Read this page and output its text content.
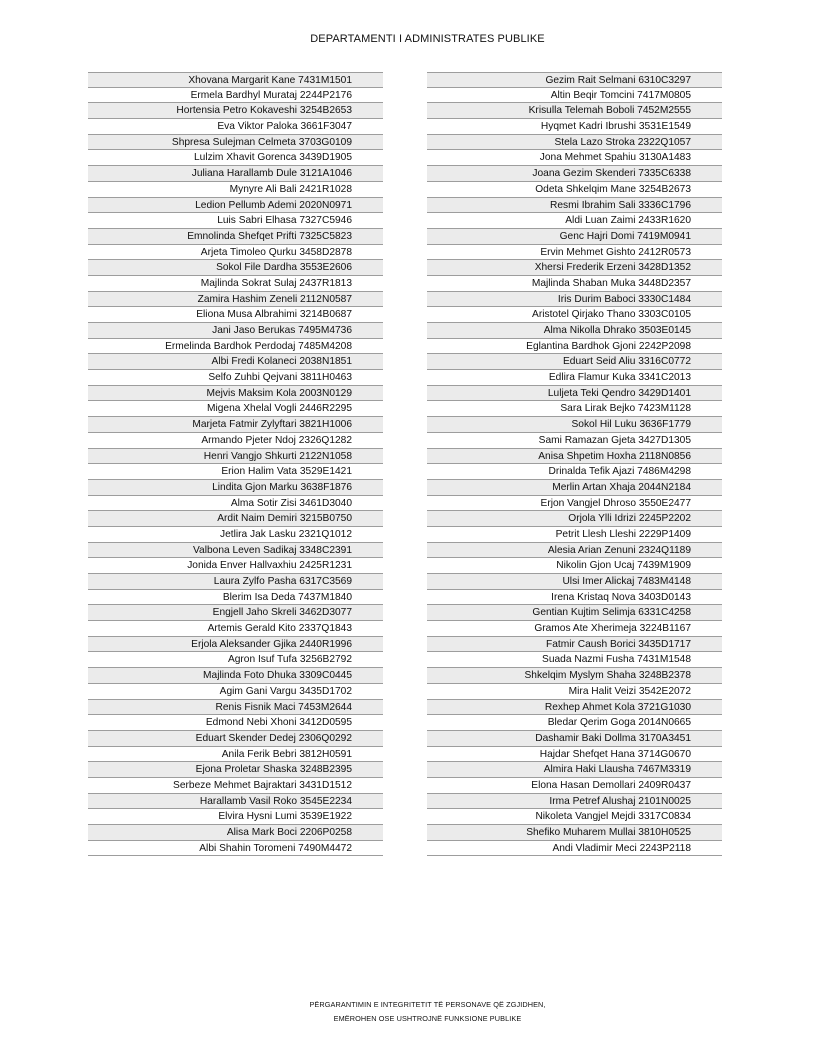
DEPARTAMENTI I ADMINISTRATES PUBLIKE
Xhovana Margarit Kane 7431M1501
Ermela Bardhyl Murataj 2244P2176
Hortensia Petro Kokaveshi 3254B2653
Eva Viktor Paloka 3661F3047
Shpresa Sulejman Celmeta 3703G0109
Lulzim Xhavit Gorenca 3439D1905
Juliana Harallamb Dule 3121A1046
Mynyre Ali Bali 2421R1028
Ledion Pellumb Ademi 2020N0971
Luis Sabri Elhasa 7327C5946
Emnolinda Shefqet Prifti 7325C5823
Arjeta Timoleo Qurku 3458D2878
Sokol File Dardha 3553E2606
Majlinda Sokrat Sulaj 2437R1813
Zamira Hashim Zeneli 2112N0587
Eliona Musa Albrahimi 3214B0687
Jani Jaso Berukas 7495M4736
Ermelinda Bardhok Perdodaj 7485M4208
Albi Fredi Kolaneci 2038N1851
Selfo Zuhbi Qejvani 3811H0463
Mejvis Maksim Kola 2003N0129
Migena Xhelal Vogli 2446R2295
Marjeta Fatmir Zylyftari 3821H1006
Armando Pjeter Ndoj 2326Q1282
Henri Vangjo Shkurti 2122N1058
Erion Halim Vata 3529E1421
Lindita Gjon Marku 3638F1876
Alma Sotir Zisi 3461D3040
Ardit Naim Demiri 3215B0750
Jetlira Jak Lasku 2321Q1012
Valbona Leven Sadikaj 3348C2391
Jonida Enver Hallvaxhiu 2425R1231
Laura Zylfo Pasha 6317C3569
Blerim Isa Deda 7437M1840
Engjell Jaho Skreli 3462D3077
Artemis Gerald Kito 2337Q1843
Erjola Aleksander Gjika 2440R1996
Agron Isuf Tufa 3256B2792
Majlinda Foto Dhuka 3309C0445
Agim Gani Vargu 3435D1702
Renis Fisnik Maci 7453M2644
Edmond Nebi Xhoni 3412D0595
Eduart Skender Dedej 2306Q0292
Anila Ferik Bebri 3812H0591
Ejona Proletar Shaska 3248B2395
Serbeze Mehmet Bajraktari 3431D1512
Harallamb Vasil Roko 3545E2234
Elvira Hysni Lumi 3539E1922
Alisa Mark Boci 2206P0258
Albi Shahin Toromeni 7490M4472
Gezim Rait Selmani 6310C3297
Altin Beqir Tomcini 7417M0805
Krisulla Telemah Boboli 7452M2555
Hyqmet Kadri Ibrushi 3531E1549
Stela Lazo Stroka 2322Q1057
Jona Mehmet Spahiu 3130A1483
Joana Gezim Skenderi 7335C6338
Odeta Shkelqim Mane 3254B2673
Resmi Ibrahim Sali 3336C1796
Aldi Luan Zaimi 2433R1620
Genc Hajri Domi 7419M0941
Ervin Mehmet Gishto 2412R0573
Xhersi Frederik Erzeni 3428D1352
Majlinda Shaban Muka 3448D2357
Iris Durim Baboci 3330C1484
Aristotel Qirjako Thano 3303C0105
Alma Nikolla Dhrako 3503E0145
Eglantina Bardhok Gjoni 2242P2098
Eduart Seid Aliu 3316C0772
Edlira Flamur Kuka 3341C2013
Luljeta Teki Qendro 3429D1401
Sara Lirak Bejko 7423M1128
Sokol Hil Luku 3636F1779
Sami Ramazan Gjeta 3427D1305
Anisa Shpetim Hoxha 2118N0856
Drinalda Tefik Ajazi 7486M4298
Merlin Artan Xhaja 2044N2184
Erjon Vangjel Dhroso 3550E2477
Orjola Ylli Idrizi 2245P2202
Petrit Llesh Lleshi 2229P1409
Alesia Arian Zenuni 2324Q1189
Nikolin Gjon Ucaj 7439M1909
Ulsi Imer Alickaj 7483M4148
Irena Kristaq Nova 3403D0143
Gentian Kujtim Selimja 6331C4258
Gramos Ate Xherimeja 3224B1167
Fatmir Caush Borici 3435D1717
Suada Nazmi Fusha 7431M1548
Shkelqim Myslym Shaha 3248B2378
Mira Halit Veizi 3542E2072
Rexhep Ahmet Kola 3721G1030
Bledar Qerim Goga 2014N0665
Dashamir Baki Dollma 3170A3451
Hajdar Shefqet Hana 3714G0670
Almira Haki Llausha 7467M3319
Elona Hasan Demollari 2409R0437
Irma Petref Alushaj 2101N0025
Nikoleta Vangjel Mejdi 3317C0834
Shefiko Muharem Mullai 3810H0525
Andi Vladimir Meci 2243P2118
PËRGARANTIMIN E INTEGRITETIT TË PERSONAVE QË ZGJIDHEN,
EMËROHEN OSE USHTROJNË FUNKSIONE PUBLIKE
